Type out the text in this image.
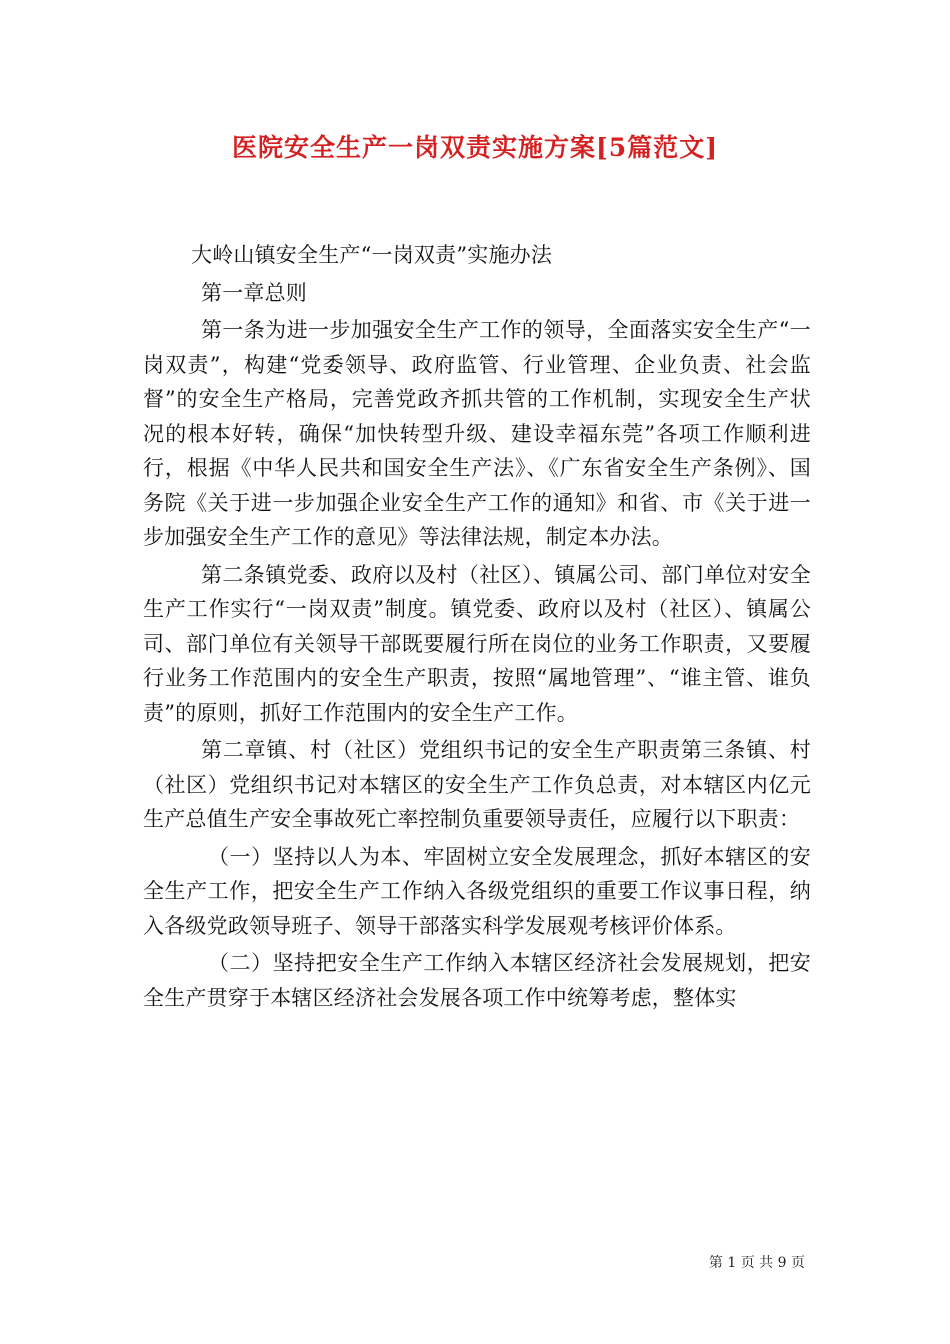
医院安全生产一岗双责实施方案[5篇范文]

大岭山镇安全生产“一岗双责”实施办法

第一章总则

第一条为进一步加强安全生产工作的领导，全面落实安全生产“一岗双责”，构建“党委领导、政府监管、行业管理、企业负责、社会监督”的安全生产格局，完善党政齐抓共管的工作机制，实现安全生产状况的根本好转，确保“加快转型升级、建设幸福东莞”各项工作顺利进行，根据《中华人民共和国安全生产法》、《广东省安全生产条例》、国务院《关于进一步加强企业安全生产工作的通知》和省、市《关于进一步加强安全生产工作的意见》等法律法规，制定本办法。

第二条镇党委、政府以及村（社区）、镇属公司、部门单位对安全生产工作实行“一岗双责”制度。镇党委、政府以及村（社区）、镇属公司、部门单位有关领导干部既要履行所在岗位的业务工作职责，又要履行业务工作范围内的安全生产职责，按照“属地管理”、“谁主管、谁负责”的原则，抓好工作范围内的安全生产工作。

第二章镇、村（社区）党组织书记的安全生产职责第三条镇、村（社区）党组织书记对本辖区的安全生产工作负总责，对本辖区内亿元生产总值生产安全事故死亡率控制负重要领导责任，应履行以下职责：

（一）坚持以人为本、牢固树立安全发展理念，抓好本辖区的安全生产工作，把安全生产工作纳入各级党组织的重要工作议事日程，纳入各级党政领导班子、领导干部落实科学发展观考核评价体系。

（二）坚持把安全生产工作纳入本辖区经济社会发展规划，把安全生产贯穿于本辖区经济社会发展各项工作中统筹考虑，整体实

第 1 页 共 9 页
